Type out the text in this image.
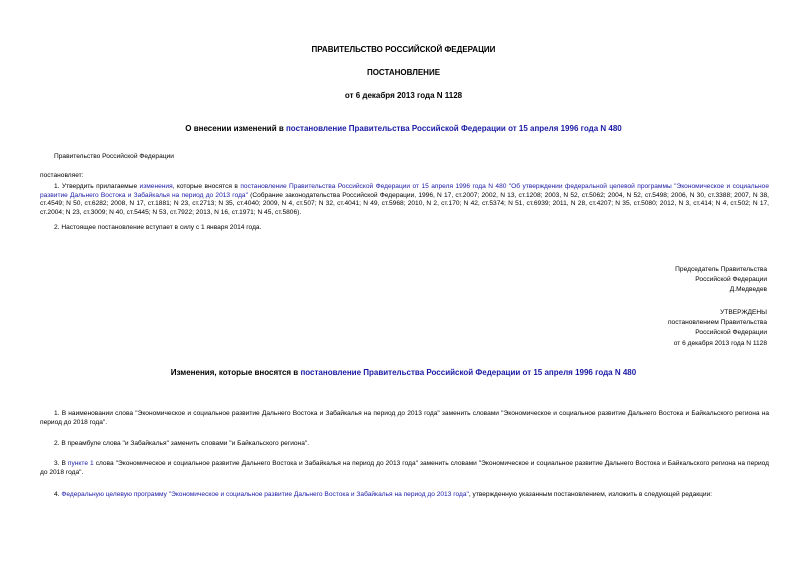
ПРАВИТЕЛЬСТВО РОССИЙСКОЙ ФЕДЕРАЦИИ
ПОСТАНОВЛЕНИЕ
от 6 декабря 2013 года N 1128
О внесении изменений в постановление Правительства Российской Федерации от 15 апреля 1996 года N 480
Правительство Российской Федерации
постановляет:
1. Утвердить прилагаемые изменения, которые вносятся в постановление Правительства Российской Федерации от 15 апреля 1996 года N 480 "Об утверждении федеральной целевой программы "Экономическое и социальное развитие Дальнего Востока и Забайкалья на период до 2013 года" (Собрание законодательства Российской Федерации, 1996, N 17, ст.2007; 2002, N 13, ст.1208; 2003, N 52, ст.5062; 2004, N 52, ст.5498; 2006, N 30, ст.3388; 2007, N 38, ст.4549; N 50, ст.6282; 2008, N 17, ст.1881; N 23, ст.2713; N 35, ст.4040; 2009, N 4, ст.507; N 32, ст.4041; N 49, ст.5968; 2010, N 2, ст.170; N 42, ст.5374; N 51, ст.6939; 2011, N 28, ст.4207; N 35, ст.5080; 2012, N 3, ст.414; N 4, ст.502; N 17, ст.2004; N 23, ст.3009; N 40, ст.5445; N 53, ст.7922; 2013, N 16, ст.1971; N 45, ст.5806).
2. Настоящее постановление вступает в силу с 1 января 2014 года.
Председатель Правительства
Российской Федерации
Д.Медведев
УТВЕРЖДЕНЫ
постановлением Правительства
Российской Федерации
от 6 декабря 2013 года N 1128
Изменения, которые вносятся в постановление Правительства Российской Федерации от 15 апреля 1996 года N 480
1. В наименовании слова "Экономическое и социальное развитие Дальнего Востока и Забайкалья на период до 2013 года" заменить словами "Экономическое и социальное развитие Дальнего Востока и Байкальского региона на период до 2018 года".
2. В преамбуле слова "и Забайкалья" заменить словами "и Байкальского региона".
3. В пункте 1 слова "Экономическое и социальное развитие Дальнего Востока и Забайкалья на период до 2013 года" заменить словами "Экономическое и социальное развитие Дальнего Востока и Байкальского региона на период до 2018 года".
4. Федеральную целевую программу "Экономическое и социальное развитие Дальнего Востока и Забайкалья на период до 2013 года", утвержденную указанным постановлением, изложить в следующей редакции:
